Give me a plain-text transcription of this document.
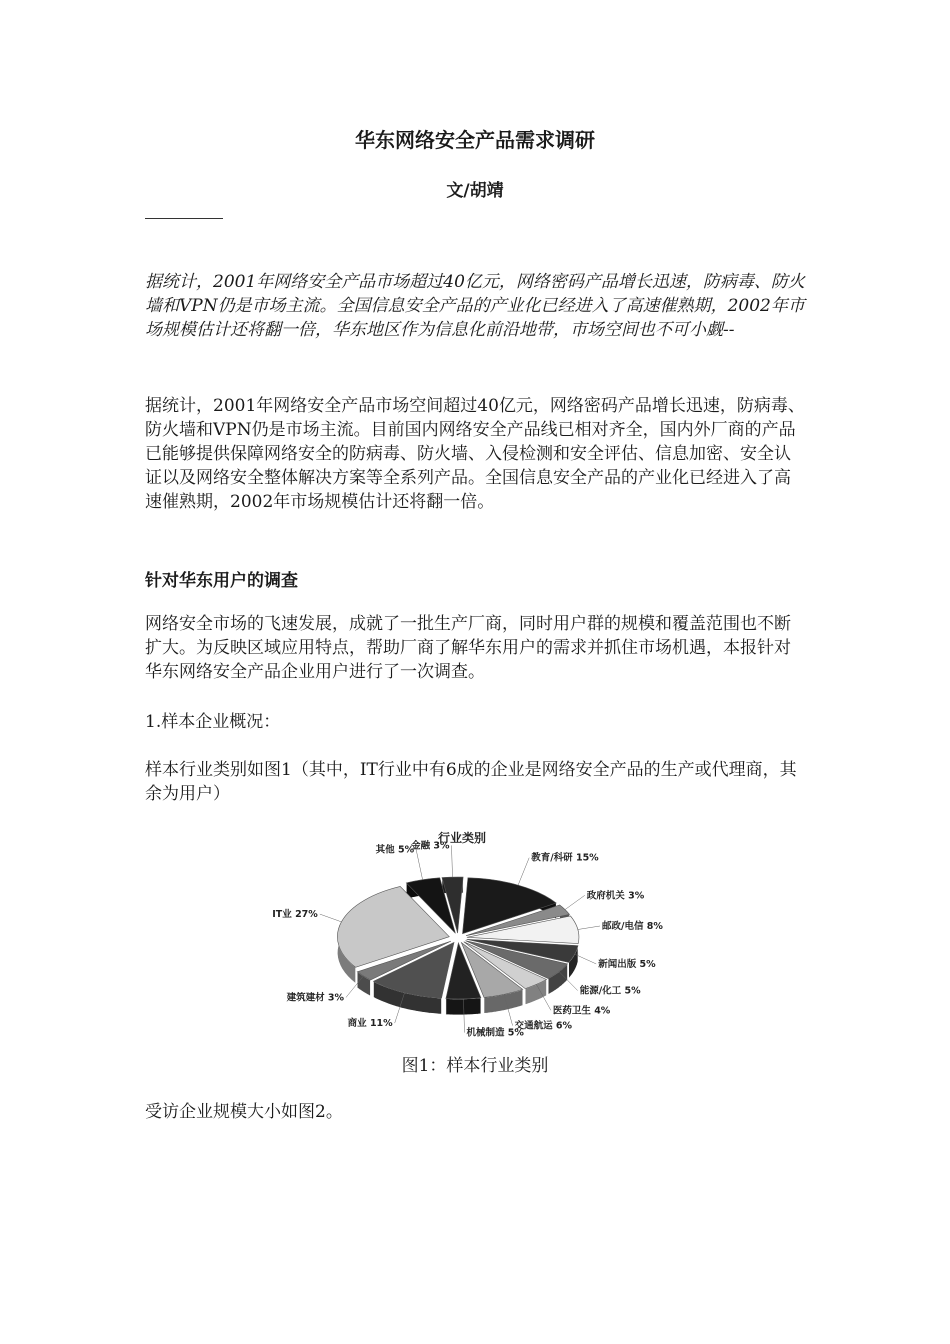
华东网络安全产品需求调研
文/胡靖

据统计，2001年网络安全产品市场超过40亿元，网络密码产品增长迅速，防病毒、防火墙和VPN仍是市场主流。全国信息安全产品的产业化已经进入了高速催熟期，2002年市场规模估计还将翻一倍，华东地区作为信息化前沿地带，市场空间也不可小觑--

据统计，2001年网络安全产品市场空间超过40亿元，网络密码产品增长迅速，防病毒、防火墙和VPN仍是市场主流。目前国内网络安全产品线已相对齐全，国内外厂商的产品已能够提供保障网络安全的防病毒、防火墙、入侵检测和安全评估、信息加密、安全认证以及网络安全整体解决方案等全系列产品。全国信息安全产品的产业化已经进入了高速催熟期，2002年市场规模估计还将翻一倍。

针对华东用户的调查

网络安全市场的飞速发展，成就了一批生产厂商，同时用户群的规模和覆盖范围也不断扩大。为反映区域应用特点，帮助厂商了解华东用户的需求并抓住市场机遇，本报针对华东网络安全产品企业用户进行了一次调查。

1.样本企业概况：

样本行业类别如图1（其中，IT行业中有6成的企业是网络安全产品的生产或代理商，其余为用户）

行业类别
金融 3%
教育/科研 15%
政府机关 3%
邮政/电信 8%
新闻出版 5%
能源/化工 5%
医药卫生 4%
交通航运 6%
机械制造 5%
商业 11%
建筑建材 3%
IT业 27%
其他 5%
图1：样本行业类别

受访企业规模大小如图2。
